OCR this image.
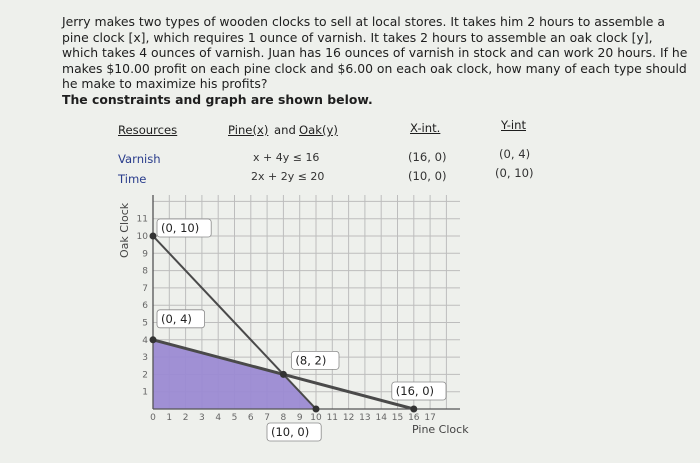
Jerry makes two types of wooden clocks to sell at local stores. It takes him 2 hours to assemble a pine clock [x], which requires 1 ounce of varnish. It takes 2 hours to assemble an oak clock [y], which takes 4 ounces of varnish. Juan has 16 ounces of varnish in stock and can work 20 hours. If he makes $10.00 profit on each pine clock and $6.00 on each oak clock, how many of each type should he make to maximize his profits?
The constraints and graph are shown below.
Resources	Pine(x) and Oak(y)	X-int.	Y-int
Varnish	x + 4y ≤ 16	(16, 0)	(0, 4)
Time	2x + 2y ≤ 20	(10, 0)	(0, 10)
0 1 2 3 4 5 6 7 8 9 10 11 12 13 14 15 16 17
1
2
3
4
5
6
7
8
9
10
11
(0, 10)
(0, 4)
(8, 2)
(10, 0)
(16, 0)
Pine Clock
Oak Clock
